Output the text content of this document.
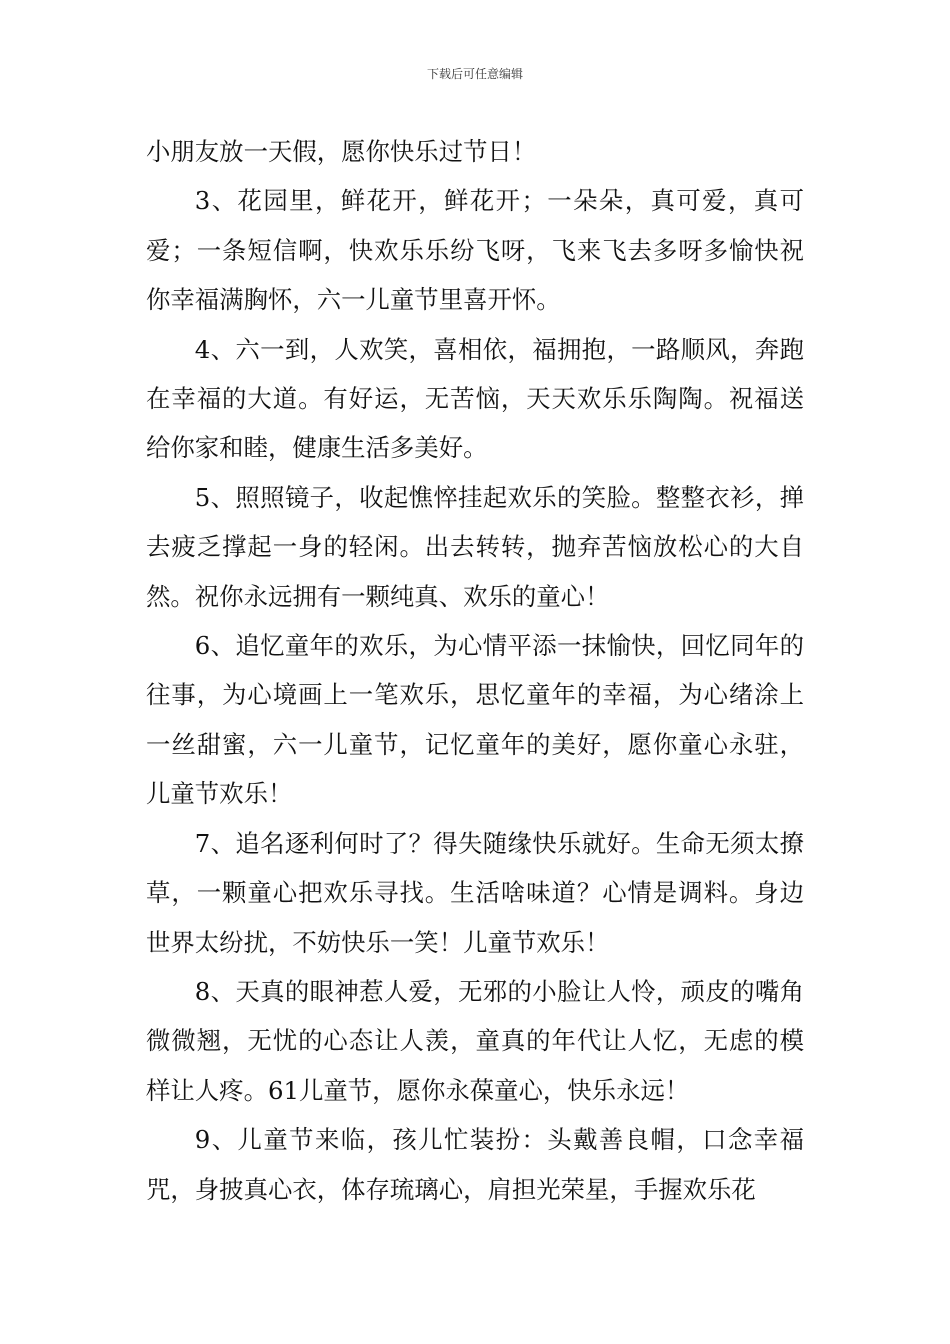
下载后可任意编辑

小朋友放一天假，愿你快乐过节日！

3、花园里，鲜花开，鲜花开；一朵朵，真可爱，真可爱；一条短信啊，快欢乐乐纷飞呀，飞来飞去多呀多愉快祝你幸福满胸怀，六一儿童节里喜开怀。

4、六一到，人欢笑，喜相依，福拥抱，一路顺风，奔跑在幸福的大道。有好运，无苦恼，天天欢乐乐陶陶。祝福送给你家和睦，健康生活多美好。

5、照照镜子，收起憔悴挂起欢乐的笑脸。整整衣衫，掸去疲乏撑起一身的轻闲。出去转转，抛弃苦恼放松心的大自然。祝你永远拥有一颗纯真、欢乐的童心！

6、追忆童年的欢乐，为心情平添一抹愉快，回忆同年的往事，为心境画上一笔欢乐，思忆童年的幸福，为心绪涂上一丝甜蜜，六一儿童节，记忆童年的美好，愿你童心永驻，儿童节欢乐！

7、追名逐利何时了？得失随缘快乐就好。生命无须太撩草，一颗童心把欢乐寻找。生活啥味道？心情是调料。身边世界太纷扰，不妨快乐一笑！儿童节欢乐！

8、天真的眼神惹人爱，无邪的小脸让人怜，顽皮的嘴角微微翘，无忧的心态让人羡，童真的年代让人忆，无虑的模样让人疼。61儿童节，愿你永葆童心，快乐永远！

9、儿童节来临，孩儿忙装扮：头戴善良帽，口念幸福咒，身披真心衣，体存琉璃心，肩担光荣星，手握欢乐花
